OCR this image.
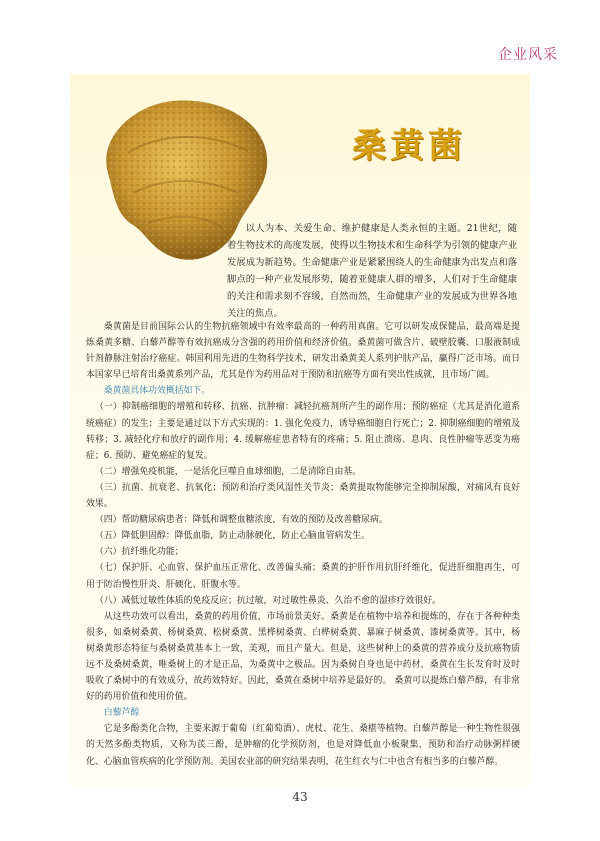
企业风采
桑黄菌

以人为本、关爱生命、维护健康是人类永恒的主题。21世纪，随着生物技术的高度发展，使得以生物技术和生命科学为引领的健康产业发展成为新趋势。生命健康产业是紧紧围绕人的生命健康为出发点和落脚点的一种产业发展形势，随着亚健康人群的增多，人们对于生命健康的关注和需求刻不容缓，自然而然，生命健康产业的发展成为世界各地关注的焦点。

桑黄菌是目前国际公认的生物抗癌领域中有效率最高的一种药用真菌。它可以研发成保健品，最高端是提炼桑黄多糖、白藜芦醇等有效抗癌成分含强的药用价值和经济价值。桑黄菌可做含片、破壁胶囊、口服液制成针剂静脉注射治疗癌症。韩国利用先进的生物科学技术，研发出桑黄美人系列护肤产品，赢得广泛市场。而日本国家早已培育出桑黄系列产品，尤其是作为药用品对于预防和抗癌等方面有突出性成就，且市场广阔。

桑黄菌具体功效概括如下。

（一）抑制癌细胞的增殖和转移、抗癌、抗肿瘤：减轻抗癌剂所产生的副作用；预防癌症（尤其是消化道系统癌症）的发生；主要是通过以下方式实现的：1. 强化免疫力，诱导癌细胞自行死亡；2. 抑制癌细胞的增殖及转移；3. 减轻化疗和放疗的副作用；4. 缓解癌症患者特有的疼痛；5. 阻止溃疡、息肉、良性肿瘤等恶变为癌症；6. 预防、避免癌症的复发。

（二）增强免疫机能，一是活化巨噬自血球细胞，二是清除自由基。

（三）抗菌、抗衰老、抗氧化；预防和治疗类风湿性关节炎；桑黄提取物能够完全抑制尿酸，对痛风有良好效果。

（四）帮助糖尿病患者：降低和调整血糖浓度，有效的预防及改善糖尿病。

（五）降低胆固醇：降低血脂，防止动脉硬化，防止心脑血管病发生。

（六）抗纤维化功能；

（七）保护肝、心血管、保护血压正常化、改善偏头痛；桑黄的护肝作用抗肝纤维化，促进肝细胞再生，可用于防治慢性肝炎、肝硬化、肝腹水等。

（八）减低过敏性体质的免疫反应；抗过敏，对过敏性鼻炎、久治不愈的湿疹疗效很好。

从这些功效可以看出，桑黄的药用价值，市场前景美好。桑黄是在植物中培养和提炼的，存在于各种种类很多，如桑树桑黄、杨树桑黄、松树桑黄、黑桦树桑黄、白桦树桑黄、暴麻子树桑黄、漆树桑黄等。其中，杨树桑黄形态特征与桑树桑黄基本上一致，美观，而且产量大。但是，这些树种上的桑黄的营养成分及抗癌物质远不及桑树桑黄，唯桑树上的才是正品，为桑黄中之极品。因为桑树自身也是中药材，桑黄在生长发育时及时吸收了桑树中的有效成分，故药效特好。因此，桑黄在桑树中培养是最好的。 桑黄可以提炼白藜芦醇，有非常好的药用价值和使用价值。

白藜芦醇

它是多酚类化合物，主要来源于葡萄（红葡萄酒）、虎杖、花生、桑椹等植物。白藜芦醇是一种生物性很强的天然多酚类物质，又称为芪三酚，是肿瘤的化学预防剂，也是对降低血小板聚集，预防和治疗动脉粥样硬化、心脑血管疾病的化学预防剂。美国农业部的研究结果表明，花生红衣与仁中也含有相当多的白藜芦醇。

43
